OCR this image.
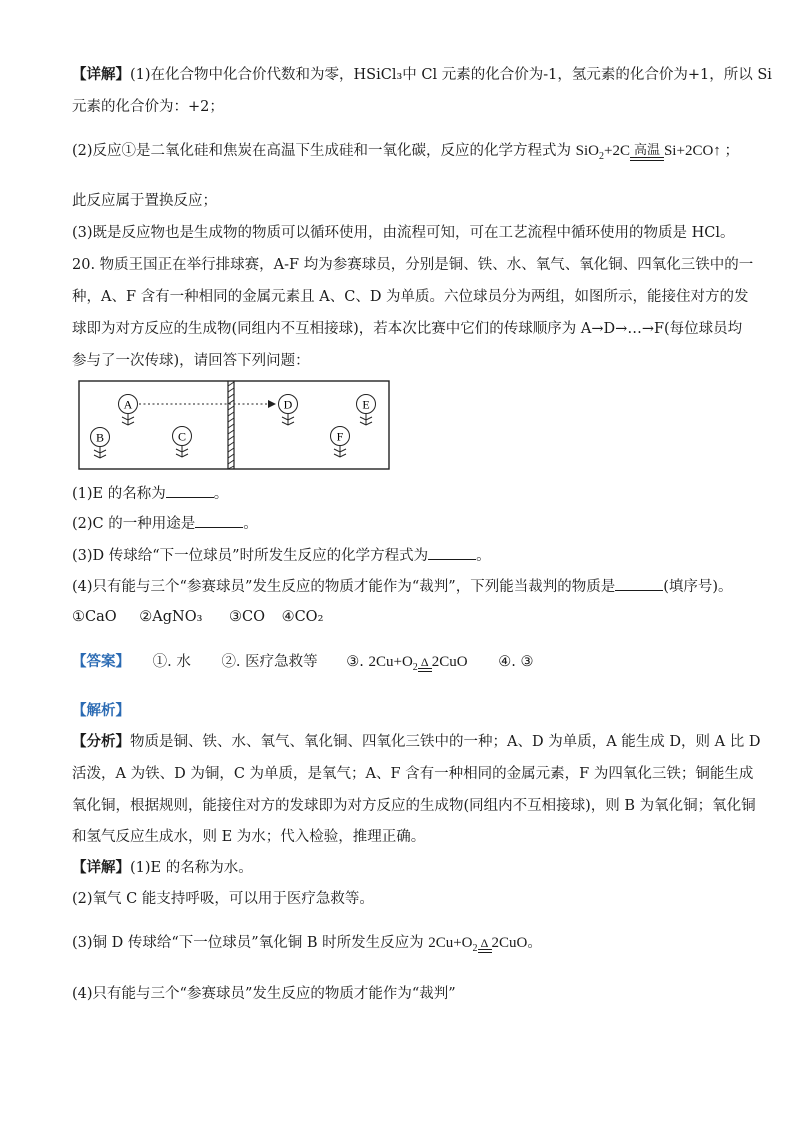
【详解】(1)在化合物中化合价代数和为零，HSiCl₃中 Cl 元素的化合价为-1，氢元素的化合价为+1，所以 Si
元素的化合价为：+2；
(2)反应①是二氧化硅和焦炭在高温下生成硅和一氧化碳，反应的化学方程式为 SiO$_2$+2C 高温 Si+2CO↑ ；
此反应属于置换反应；
(3)既是反应物也是生成物的物质可以循环使用，由流程可知，可在工艺流程中循环使用的物质是 HCl。
20. 物质王国正在举行排球赛，A-F 均为参赛球员，分别是铜、铁、水、氧气、氧化铜、四氧化三铁中的一
种，A、F 含有一种相同的金属元素且 A、C、D 为单质。六位球员分为两组，如图所示，能接住对方的发
球即为对方反应的生成物(同组内不互相接球)，若本次比赛中它们的传球顺序为 A→D→…→F(每位球员均
参与了一次传球)，请回答下列问题：
A
B	C
D	E
F
(1)E 的名称为	。
(2)C 的一种用途是	。
(3)D 传球给“下一位球员”时所发生反应的化学方程式为	。
(4)只有能与三个“参赛球员”发生反应的物质才能作为“裁判”，下列能当裁判的物质是	(填序号)。
①CaO ②AgNO₃ ③CO ④CO₂
【答案】 ①. 水 ②. 医疗急救等 ③. $2Cu+O_2$ Δ 2CuO ④. ③
【解析】
【分析】物质是铜、铁、水、氧气、氧化铜、四氧化三铁中的一种；A、D 为单质，A 能生成 D，则 A 比 D
活泼，A 为铁、D 为铜，C 为单质，是氧气；A、F 含有一种相同的金属元素，F 为四氧化三铁；铜能生成
氧化铜，根据规则，能接住对方的发球即为对方反应的生成物(同组内不互相接球)，则 B 为氧化铜；氧化铜
和氢气反应生成水，则 E 为水；代入检验，推理正确。
【详解】(1)E 的名称为水。
(2)氧气 C 能支持呼吸，可以用于医疗急救等。
(3)铜 D 传球给“下一位球员”氧化铜 B 时所发生反应为 $2Cu+O_2$ Δ 2CuO。
(4)只有能与三个“参赛球员”发生反应的物质才能作为“裁判”
